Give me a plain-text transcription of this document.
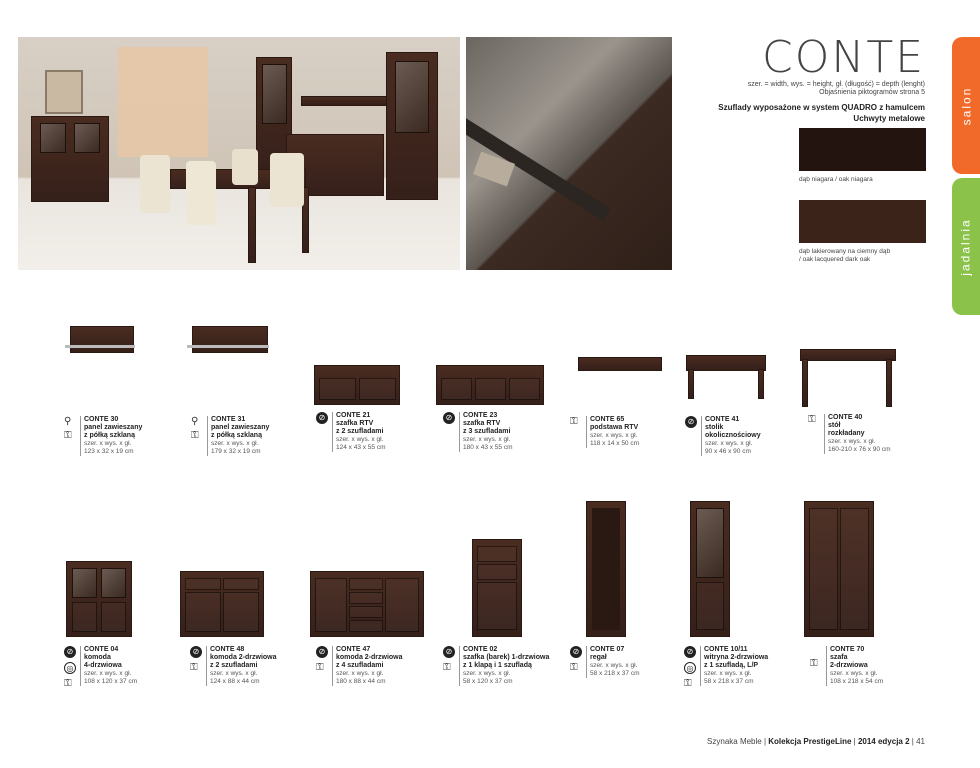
CONTE
szer. = width, wys. = height, gł. (długość) = depth (lenght)
Objaśnienia piktogramów strona 5
Szuflady wyposażone w system QUADRO z hamulcem
Uchwyty metalowe
dąb niagara / oak niagara
dąb lakierowany na ciemny dąb
/ oak lacquered dark oak
salon
jadalnia
⚲
⚿
CONTE 30
panel zawieszany
z półką szklaną
szer. x wys. x gł.
123 x 32 x 19 cm
⚲
⚿
CONTE 31
panel zawieszany
z półką szklaną
szer. x wys. x gł.
179 x 32 x 19 cm
⊘	CONTE 21
szafka RTV
z 2 szufladami
szer. x wys. x gł.
124 x 43 x 55 cm
⊘	CONTE 23
szafka RTV
z 3 szufladami
szer. x wys. x gł.
180 x 43 x 55 cm
⚿ CONTE 65
podstawa RTV
szer. x wys. x gł.
118 x 14 x 50 cm
⊘	CONTE 41
stolik
okolicznościowy
szer. x wys. x gł.
90 x 46 x 90 cm
⚿ CONTE 40
stół
rozkładany
szer. x wys. x gł.
160-210 x 76 x 90 cm
⊘
◎
⚿
CONTE 04
komoda
4-drzwiowa
szer. x wys. x gł.
108 x 120 x 37 cm
⊘
⚿
CONTE 48
komoda 2-drzwiowa
z 2 szufladami
szer. x wys. x gł.
124 x 88 x 44 cm
⊘
⚿
CONTE 47
komoda 2-drzwiowa
z 4 szufladami
szer. x wys. x gł.
180 x 88 x 44 cm
⊘
⚿
CONTE 02
szafka (barek) 1-drzwiowa
z 1 klapą i 1 szufladą
szer. x wys. x gł.
58 x 120 x 37 cm
⊘
⚿
CONTE 07
regał
szer. x wys. x gł.
58 x 218 x 37 cm
⊘
◎
⚿
CONTE 10/11
witryna 2-drzwiowa
z 1 szufladą, L/P
szer. x wys. x gł.
58 x 218 x 37 cm
⚿
CONTE 70
szafa
2-drzwiowa
szer. x wys. x gł.
108 x 218 x 54 cm
Szynaka Meble | Kolekcja PrestigeLine | 2014 edycja 2 | 41
